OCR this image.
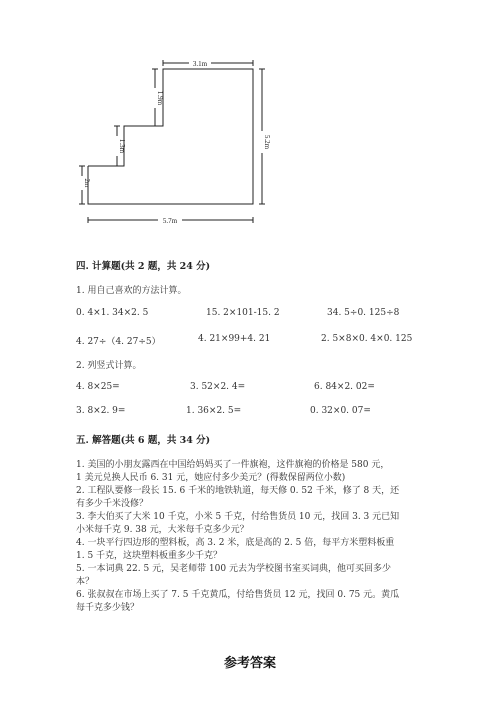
3.1m
5.7m
5.2m
1.9m
1.3m
2m
四. 计算题(共 2 题，共 24 分)
1. 用自己喜欢的方法计算。
0. 4×1. 34×2. 5	15. 2×101-15. 2	34. 5÷0. 125÷8
4. 27÷（4. 27÷5）	4. 21×99+4. 21	2. 5×8×0. 4×0. 125
2. 列竖式计算。
4. 8×25=	3. 52×2. 4=	6. 84×2. 02=
3. 8×2. 9=	1. 36×2. 5=	0. 32×0. 07=
五. 解答题(共 6 题，共 34 分)
1. 美国的小朋友露西在中国给妈妈买了一件旗袍，这件旗袍的价格是 580 元，
1 美元兑换人民币 6. 31 元，她应付多少美元？(得数保留两位小数)
2. 工程队要修一段长 15. 6 千米的地铁轨道，每天修 0. 52 千米，修了 8 天，还
有多少千米没修？
3. 李大伯买了大米 10 千克，小米 5 千克，付给售货员 10 元，找回 3. 3 元已知
小米每千克 9. 38 元，大米每千克多少元？
4. 一块平行四边形的塑料板，高 3. 2 米，底是高的 2. 5 倍，每平方米塑料板重
1. 5 千克，这块塑料板重多少千克？
5. 一本词典 22. 5 元，吴老师带 100 元去为学校图书室买词典，他可买回多少
本？
6. 张叔叔在市场上买了 7. 5 千克黄瓜，付给售货员 12 元，找回 0. 75 元。黄瓜
每千克多少钱？
参考答案
